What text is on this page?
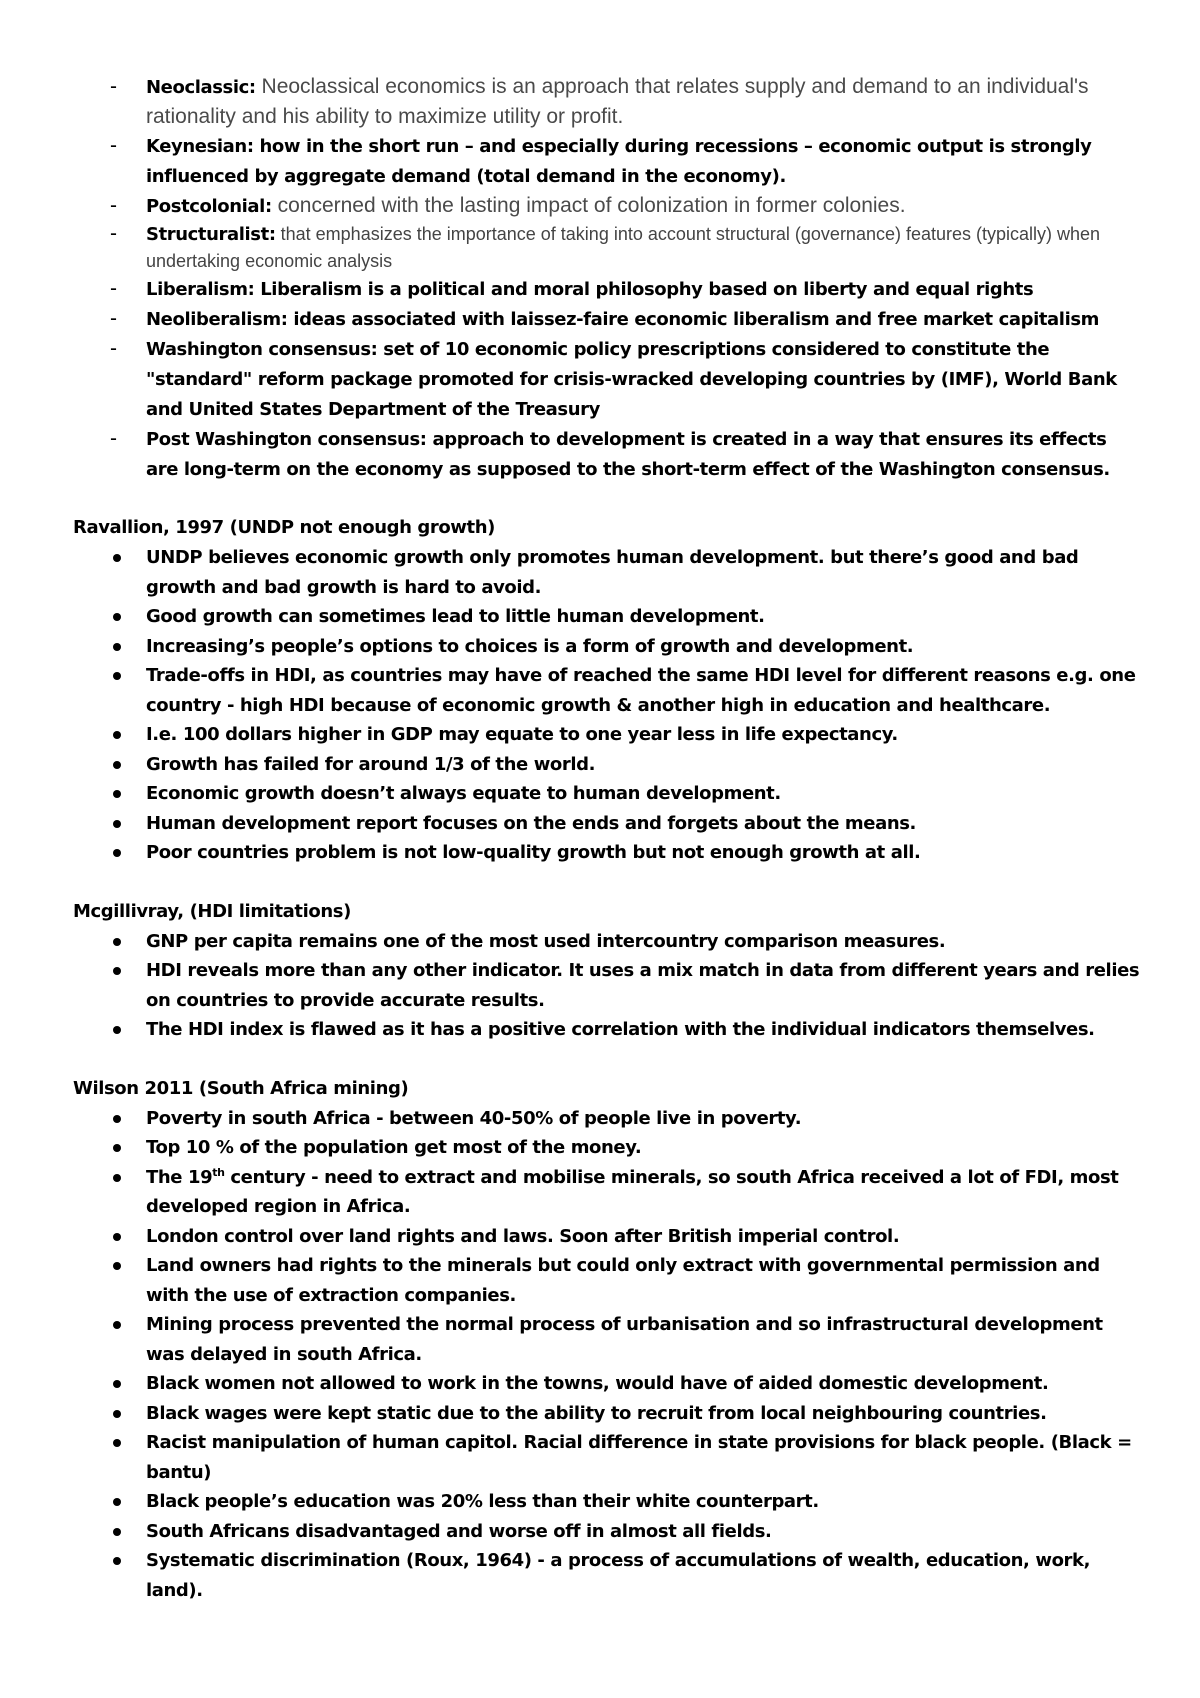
- Neoclassic: Neoclassical economics is an approach that relates supply and demand to an individual's rationality and his ability to maximize utility or profit.
- Keynesian: how in the short run – and especially during recessions – economic output is strongly influenced by aggregate demand (total demand in the economy).
- Postcolonial: concerned with the lasting impact of colonization in former colonies.
- Structuralist: that emphasizes the importance of taking into account structural (governance) features (typically) when undertaking economic analysis
- Liberalism: Liberalism is a political and moral philosophy based on liberty and equal rights
- Neoliberalism: ideas associated with laissez-faire economic liberalism and free market capitalism
- Washington consensus: set of 10 economic policy prescriptions considered to constitute the "standard" reform package promoted for crisis-wracked developing countries by (IMF), World Bank and United States Department of the Treasury
- Post Washington consensus: approach to development is created in a way that ensures its effects are long-term on the economy as supposed to the short-term effect of the Washington consensus.

Ravallion, 1997 (UNDP not enough growth)

UNDP believes economic growth only promotes human development. but there’s good and bad growth and bad growth is hard to avoid.
Good growth can sometimes lead to little human development.
Increasing’s people’s options to choices is a form of growth and development.
Trade-offs in HDI, as countries may have of reached the same HDI level for different reasons e.g. one country - high HDI because of economic growth & another high in education and healthcare.
I.e. 100 dollars higher in GDP may equate to one year less in life expectancy.
Growth has failed for around 1/3 of the world.
Economic growth doesn’t always equate to human development.
Human development report focuses on the ends and forgets about the means.
Poor countries problem is not low-quality growth but not enough growth at all.

Mcgillivray, (HDI limitations)

GNP per capita remains one of the most used intercountry comparison measures.
HDI reveals more than any other indicator. It uses a mix match in data from different years and relies on countries to provide accurate results.
The HDI index is flawed as it has a positive correlation with the individual indicators themselves.

Wilson 2011 (South Africa mining)

Poverty in south Africa - between 40-50% of people live in poverty.
Top 10 % of the population get most of the money.
The 19th century - need to extract and mobilise minerals, so south Africa received a lot of FDI, most developed region in Africa.
London control over land rights and laws. Soon after British imperial control.
Land owners had rights to the minerals but could only extract with governmental permission and with the use of extraction companies.
Mining process prevented the normal process of urbanisation and so infrastructural development was delayed in south Africa.
Black women not allowed to work in the towns, would have of aided domestic development.
Black wages were kept static due to the ability to recruit from local neighbouring countries.
Racist manipulation of human capitol. Racial difference in state provisions for black people. (Black = bantu)
Black people’s education was 20% less than their white counterpart.
South Africans disadvantaged and worse off in almost all fields.
Systematic discrimination (Roux, 1964) - a process of accumulations of wealth, education, work, land).
